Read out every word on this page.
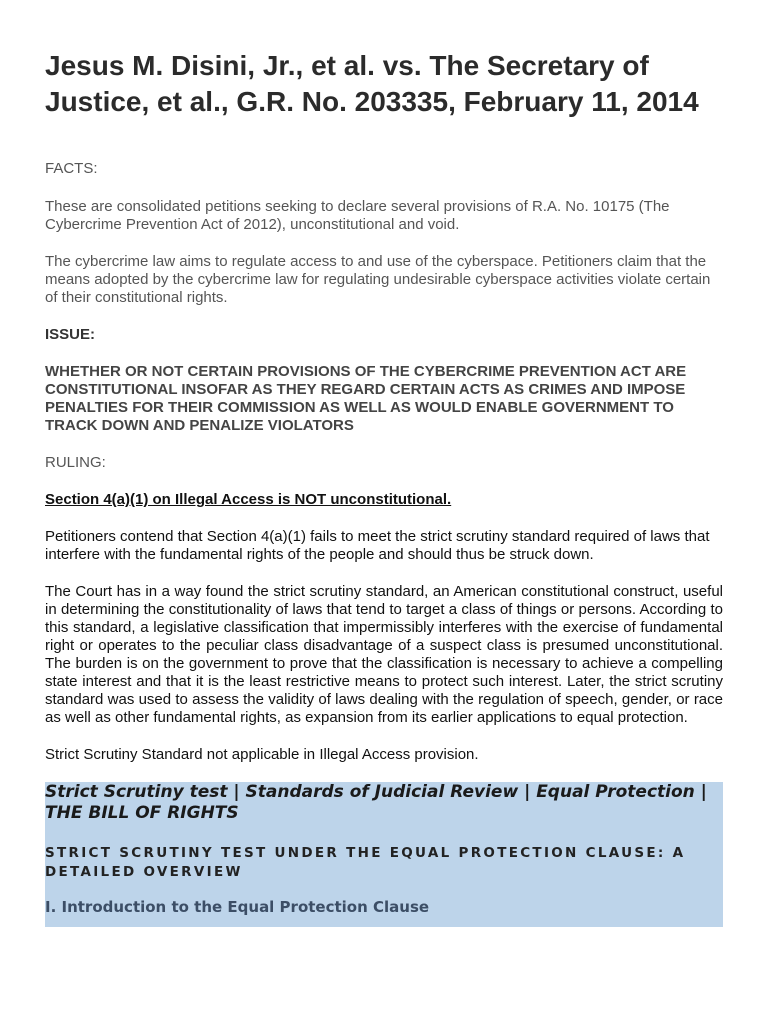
Jesus M. Disini, Jr., et al. vs. The Secretary of Justice, et al., G.R. No. 203335, February 11, 2014

FACTS:

These are consolidated petitions seeking to declare several provisions of R.A. No. 10175 (The Cybercrime Prevention Act of 2012), unconstitutional and void.

The cybercrime law aims to regulate access to and use of the cyberspace. Petitioners claim that the means adopted by the cybercrime law for regulating undesirable cyberspace activities violate certain of their constitutional rights.

ISSUE:

WHETHER OR NOT CERTAIN PROVISIONS OF THE CYBERCRIME PREVENTION ACT ARE CONSTITUTIONAL INSOFAR AS THEY REGARD CERTAIN ACTS AS CRIMES AND IMPOSE PENALTIES FOR THEIR COMMISSION AS WELL AS WOULD ENABLE GOVERNMENT TO TRACK DOWN AND PENALIZE VIOLATORS

RULING:

Section 4(a)(1) on Illegal Access is NOT unconstitutional.

Petitioners contend that Section 4(a)(1) fails to meet the strict scrutiny standard required of laws that interfere with the fundamental rights of the people and should thus be struck down.

The Court has in a way found the strict scrutiny standard, an American constitutional construct, useful in determining the constitutionality of laws that tend to target a class of things or persons. According to this standard, a legislative classification that impermissibly interferes with the exercise of fundamental right or operates to the peculiar class disadvantage of a suspect class is presumed unconstitutional. The burden is on the government to prove that the classification is necessary to achieve a compelling state interest and that it is the least restrictive means to protect such interest. Later, the strict scrutiny standard was used to assess the validity of laws dealing with the regulation of speech, gender, or race as well as other fundamental rights, as expansion from its earlier applications to equal protection.

Strict Scrutiny Standard not applicable in Illegal Access provision.

Strict Scrutiny test | Standards of Judicial Review | Equal Protection | THE BILL OF RIGHTS

STRICT SCRUTINY TEST UNDER THE EQUAL PROTECTION CLAUSE: A DETAILED OVERVIEW

I. Introduction to the Equal Protection Clause
